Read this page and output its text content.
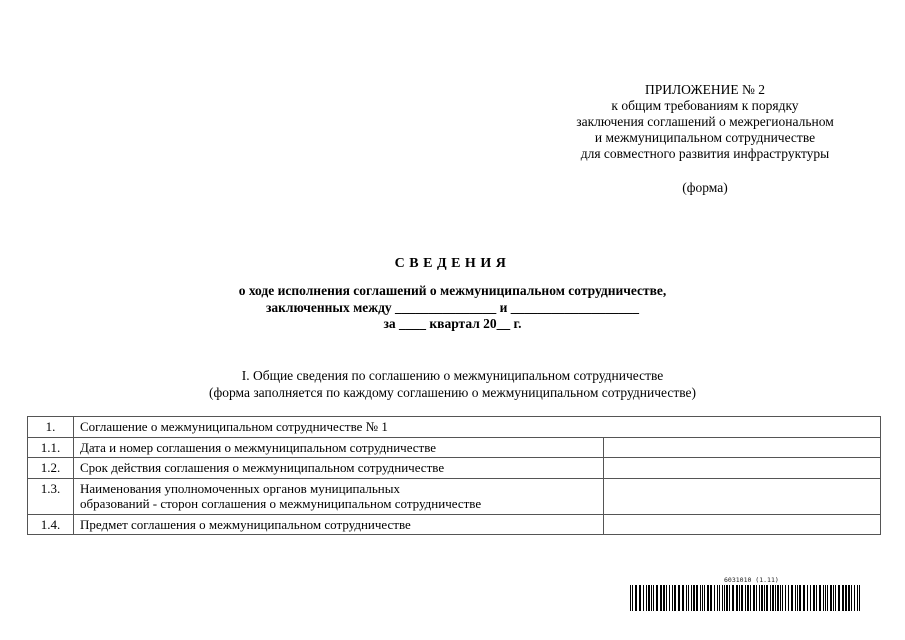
ПРИЛОЖЕНИЕ № 2
к общим требованиям к порядку
заключения соглашений о межрегиональном
и межмуниципальном сотрудничестве
для совместного развития инфраструктуры
(форма)
СВЕДЕНИЯ
о ходе исполнения соглашений о межмуниципальном сотрудничестве,
заключенных между _______________ и ___________________
за ____ квартал 20__ г.
I. Общие сведения по соглашению о межмуниципальном сотрудничестве
(форма заполняется по каждому соглашению о межмуниципальном сотрудничестве)
1.	Соглашение о межмуниципальном сотрудничестве № 1	
1.1.	Дата и номер соглашения о межмуниципальном сотрудничестве	
1.2.	Срок действия соглашения о межмуниципальном сотрудничестве	
1.3.	Наименования уполномоченных органов муниципальных
образований - сторон соглашения о межмуниципальном сотрудничестве	

1.4.	Предмет соглашения о межмуниципальном сотрудничестве	
6031010 (1.11)
